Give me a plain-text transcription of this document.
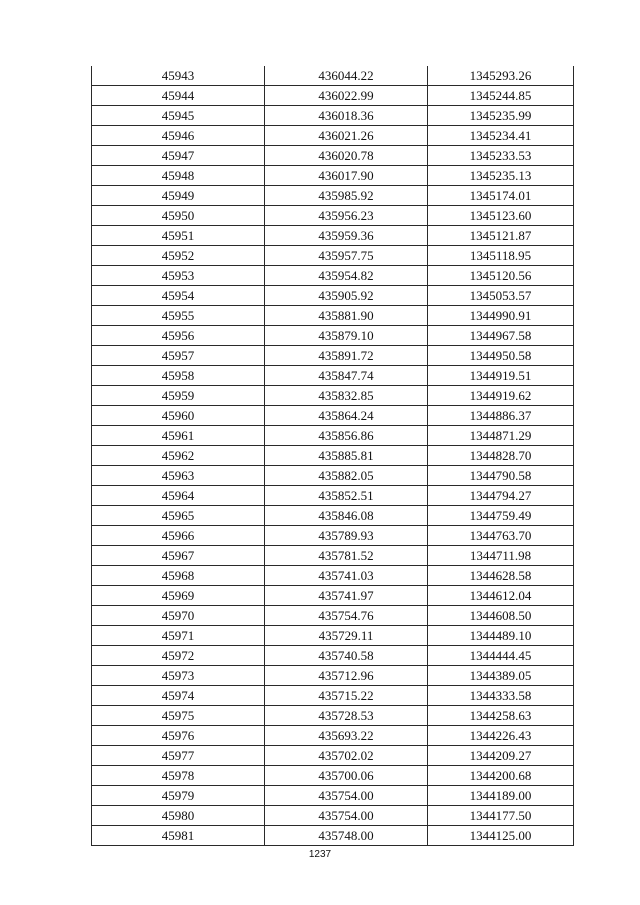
45943	436044.22	1345293.26
45944	436022.99	1345244.85
45945	436018.36	1345235.99
45946	436021.26	1345234.41
45947	436020.78	1345233.53
45948	436017.90	1345235.13
45949	435985.92	1345174.01
45950	435956.23	1345123.60
45951	435959.36	1345121.87
45952	435957.75	1345118.95
45953	435954.82	1345120.56
45954	435905.92	1345053.57
45955	435881.90	1344990.91
45956	435879.10	1344967.58
45957	435891.72	1344950.58
45958	435847.74	1344919.51
45959	435832.85	1344919.62
45960	435864.24	1344886.37
45961	435856.86	1344871.29
45962	435885.81	1344828.70
45963	435882.05	1344790.58
45964	435852.51	1344794.27
45965	435846.08	1344759.49
45966	435789.93	1344763.70
45967	435781.52	1344711.98
45968	435741.03	1344628.58
45969	435741.97	1344612.04
45970	435754.76	1344608.50
45971	435729.11	1344489.10
45972	435740.58	1344444.45
45973	435712.96	1344389.05
45974	435715.22	1344333.58
45975	435728.53	1344258.63
45976	435693.22	1344226.43
45977	435702.02	1344209.27
45978	435700.06	1344200.68
45979	435754.00	1344189.00
45980	435754.00	1344177.50
45981	435748.00	1344125.00
1237
